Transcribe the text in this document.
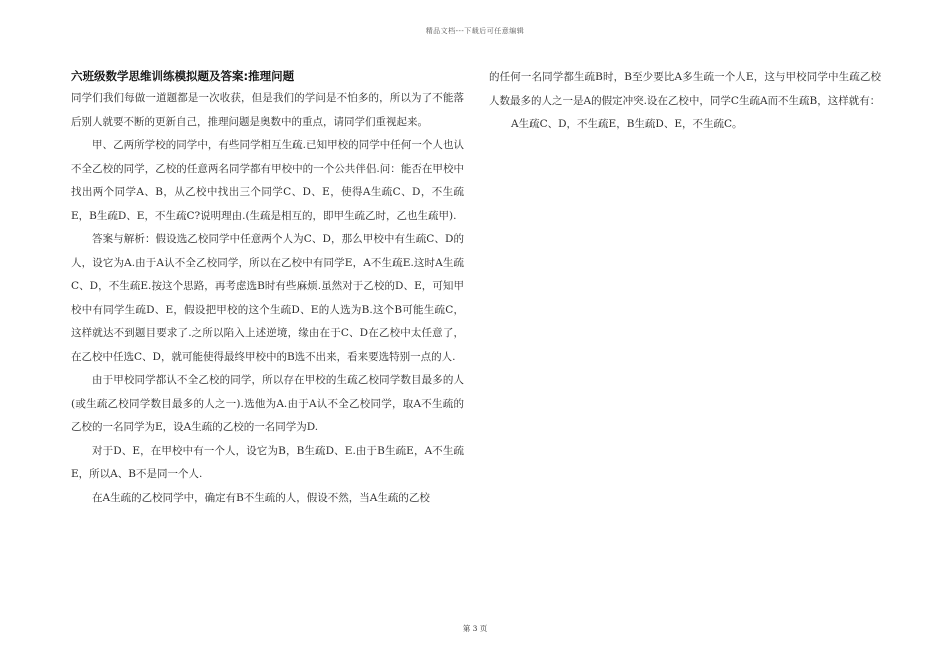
精品文档---下载后可任意编辑
六班级数学思维训练模拟题及答案:推理问题

同学们我们每做一道题都是一次收获，但是我们的学问是不怕多的，所以为了不能落后别人就要不断的更新自己，推理问题是奥数中的重点，请同学们重视起来。

甲、乙两所学校的同学中，有些同学相互生疏.已知甲校的同学中任何一个人也认不全乙校的同学，乙校的任意两名同学都有甲校中的一个公共伴侣.问：能否在甲校中找出两个同学A、B，从乙校中找出三个同学C、D、E，使得A生疏C、D，不生疏E，B生疏D、E，不生疏C?说明理由.(生疏是相互的，即甲生疏乙时，乙也生疏甲).

答案与解析：假设选乙校同学中任意两个人为C、D，那么甲校中有生疏C、D的人，设它为A.由于A认不全乙校同学，所以在乙校中有同学E，A不生疏E.这时A生疏C、D，不生疏E.按这个思路，再考虑选B时有些麻烦.虽然对于乙校的D、E，可知甲校中有同学生疏D、E，假设把甲校的这个生疏D、E的人选为B.这个B可能生疏C，这样就达不到题目要求了.之所以陷入上述逆境，缘由在于C、D在乙校中太任意了，在乙校中任选C、D，就可能使得最终甲校中的B选不出来，看来要选特别一点的人.

由于甲校同学都认不全乙校的同学，所以存在甲校的生疏乙校同学数目最多的人(或生疏乙校同学数目最多的人之一).选他为A.由于A认不全乙校同学，取A不生疏的乙校的一名同学为E，设A生疏的乙校的一名同学为D.

对于D、E，在甲校中有一个人，设它为B，B生疏D、E.由于B生疏E，A不生疏E，所以A、B不是同一个人.

在A生疏的乙校同学中，确定有B不生疏的人，假设不然，当A生疏的乙校

的任何一名同学都生疏B时，B至少要比A多生疏一个人E，这与甲校同学中生疏乙校人数最多的人之一是A的假定冲突.设在乙校中，同学C生疏A而不生疏B，这样就有：

A生疏C、D，不生疏E，B生疏D、E，不生疏C。

第 3 页
